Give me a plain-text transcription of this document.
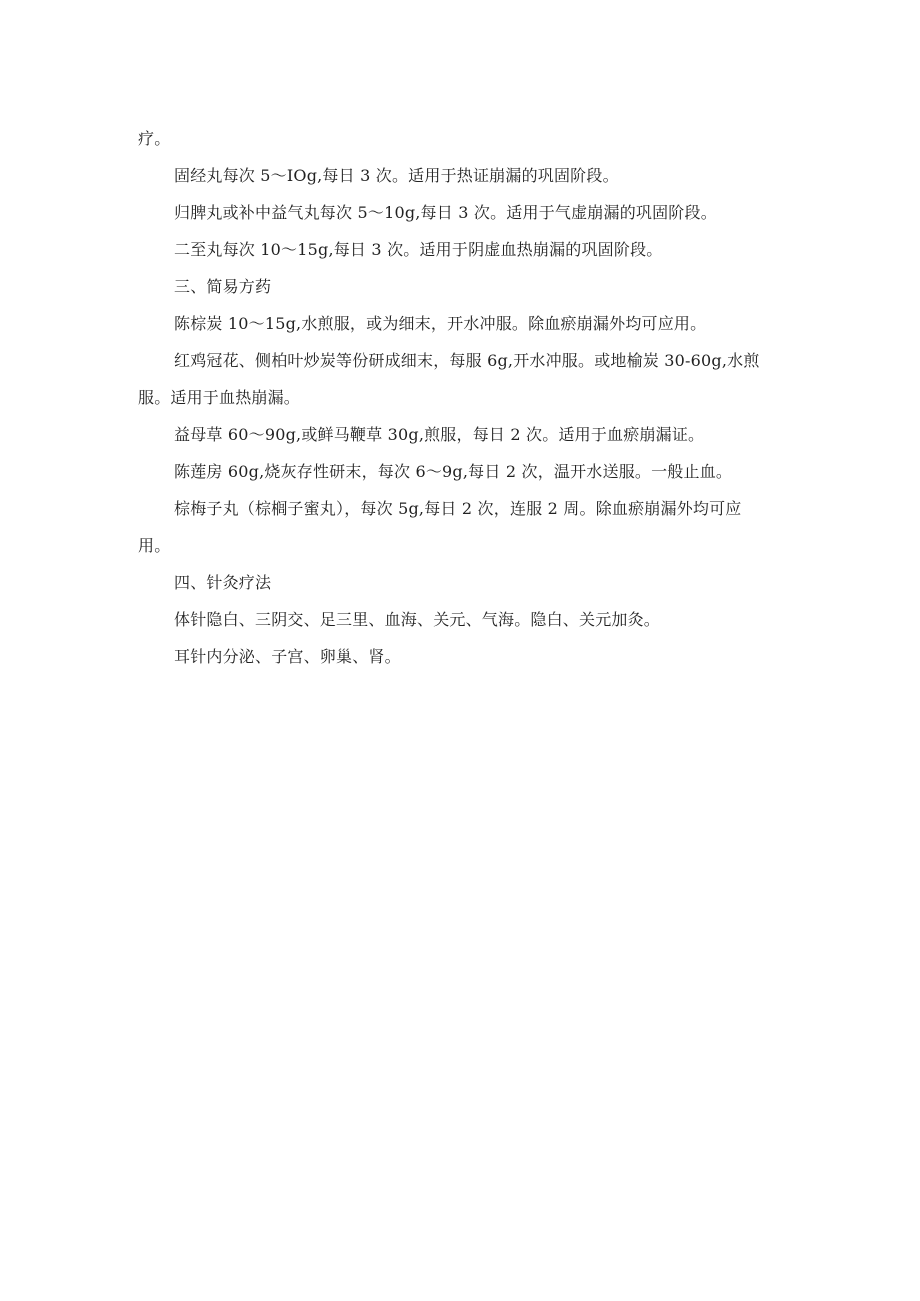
疗。
固经丸每次 5～IOg,每日 3 次。适用于热证崩漏的巩固阶段。
归脾丸或补中益气丸每次 5～10g,每日 3 次。适用于气虚崩漏的巩固阶段。
二至丸每次 10～15g,每日 3 次。适用于阴虚血热崩漏的巩固阶段。
三、简易方药
陈棕炭 10～15g,水煎服，或为细末，开水冲服。除血瘀崩漏外均可应用。
红鸡冠花、侧柏叶炒炭等份研成细末，每服 6g,开水冲服。或地榆炭 30-60g,水煎
服。适用于血热崩漏。
益母草 60～90g,或鲜马鞭草 30g,煎服，每日 2 次。适用于血瘀崩漏证。
陈莲房 60g,烧灰存性研末，每次 6～9g,每日 2 次，温开水送服。一般止血。
棕梅子丸（棕榈子蜜丸），每次 5g,每日 2 次，连服 2 周。除血瘀崩漏外均可应
用。
四、针灸疗法
体针隐白、三阴交、足三里、血海、关元、气海。隐白、关元加灸。
耳针内分泌、子宫、卵巢、肾。
